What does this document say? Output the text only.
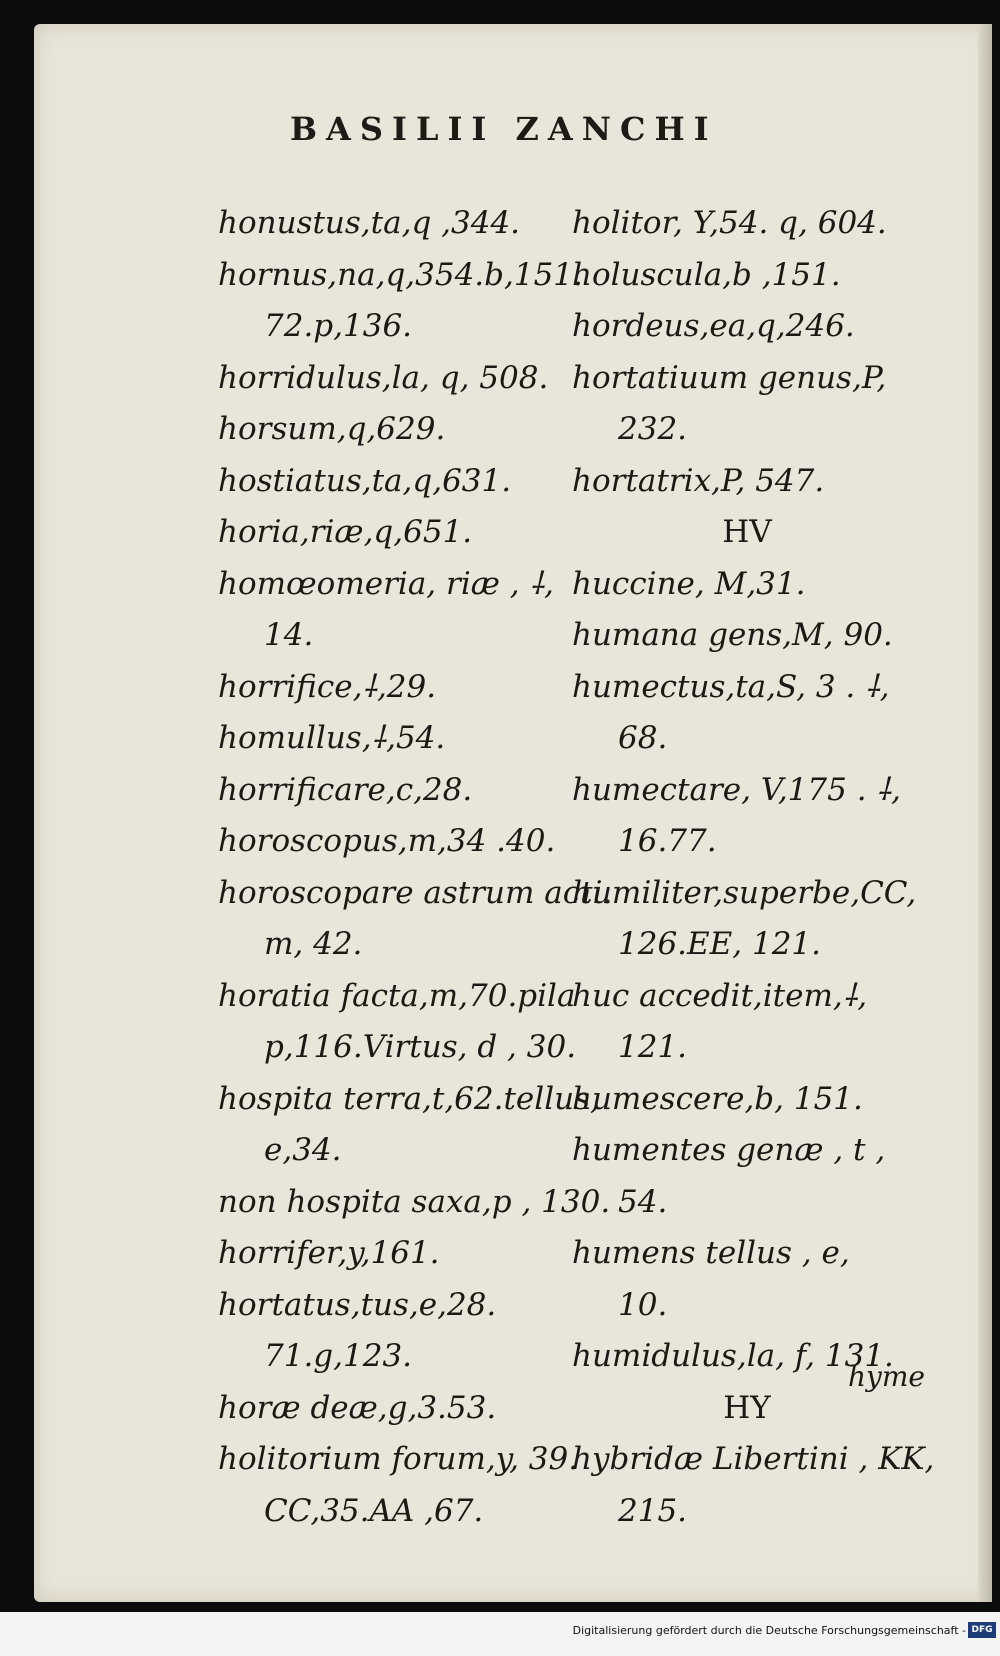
BASILII ZANCHI
honustus,ta,q ,344.
hornus,na,q,354.b,151.
72.p,136.
horridulus,la, q, 508.
horsum,q,629.
hostiatus,ta,q,631.
horia,riæ,q,651.
homœomeria, riæ , ⸸,
14.
horrifice,⸸,29.
homullus,⸸,54.
horrificare,c,28.
horoscopus,m,34 .40.
horoscopare astrum acti.
m, 42.
horatia facta,m,70.pila
p,116.Virtus, d , 30.
hospita terra,t,62.tellus,
e,34.
non hospita saxa,p , 130.
horrifer,y,161.
hortatus,tus,e,28.
71.g,123.
horæ deæ,g,3.53.
holitorium forum,y, 39.
CC,35.AA ,67.
holitor, Y,54. q, 604.
holuscula,b ,151.
hordeus,ea,q,246.
hortatiuum genus,P,
232.
hortatrix,P, 547.
HV
huccine, M,31.
humana gens,M, 90.
humectus,ta,S, 3 . ⸸,
68.
humectare, V,175 . ⸸,
16.77.
humiliter,superbe,CC,
126.EE, 121.
huc accedit,item,⸸,
121.
humescere,b, 151.
humentes genæ , t ,
54.
humens tellus , e,
10.
humidulus,la, f, 131.
HY
hybridæ Libertini , KK,
215.
hyme
Digitalisierung gefördert durch die Deutsche Forschungsgemeinschaft - DFG
